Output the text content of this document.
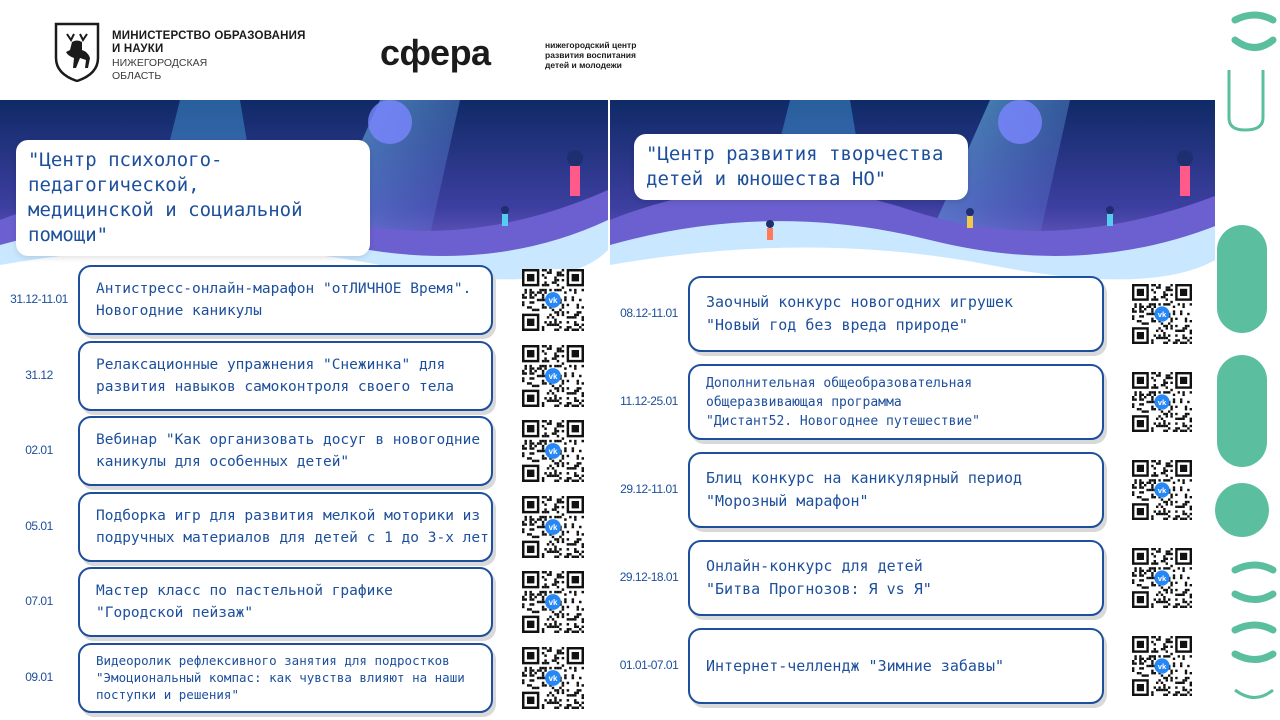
МИНИСТЕРСТВО ОБРАЗОВАНИЯ
И НАУКИ
НИЖЕГОРОДСКАЯ
ОБЛАСТЬ
сфера	нижегородский центр
развития воспитания
детей и молодежи
"Центр психолого-педагогической,
медицинской и социальной помощи"
31.12-11.01
Антистресс-онлайн-марафон "отЛИЧНОЕ Время".
Новогодние каникулы
vk
31.12
Релаксационные упражнения "Снежинка" для
развития навыков самоконтроля своего тела
vk
02.01
Вебинар "Как организовать досуг в новогодние
каникулы для особенных детей"
vk
05.01
Подборка игр для развития мелкой моторики из
подручных материалов для детей с 1 до 3-х лет
vk
07.01
Мастер класс по пастельной графике
"Городской пейзаж"
vk
09.01
Видеоролик рефлексивного занятия для подростков
"Эмоциональный компас: как чувства влияют на наши
поступки и решения"
vk
"Центр развития творчества
детей и юношества НО"
08.12-11.01
Заочный конкурс новогодних игрушек
"Новый год без вреда природе"
vk
11.12-25.01
Дополнительная общеобразовательная
общеразвивающая программа
"Дистант52. Новогоднее путешествие"
vk
29.12-11.01
Блиц конкурс на каникулярный период
"Морозный марафон"
vk
29.12-18.01
Онлайн-конкурс для детей
"Битва Прогнозов: Я vs Я"
vk
01.01-07.01	Интернет-челлендж "Зимние забавы"	vk
